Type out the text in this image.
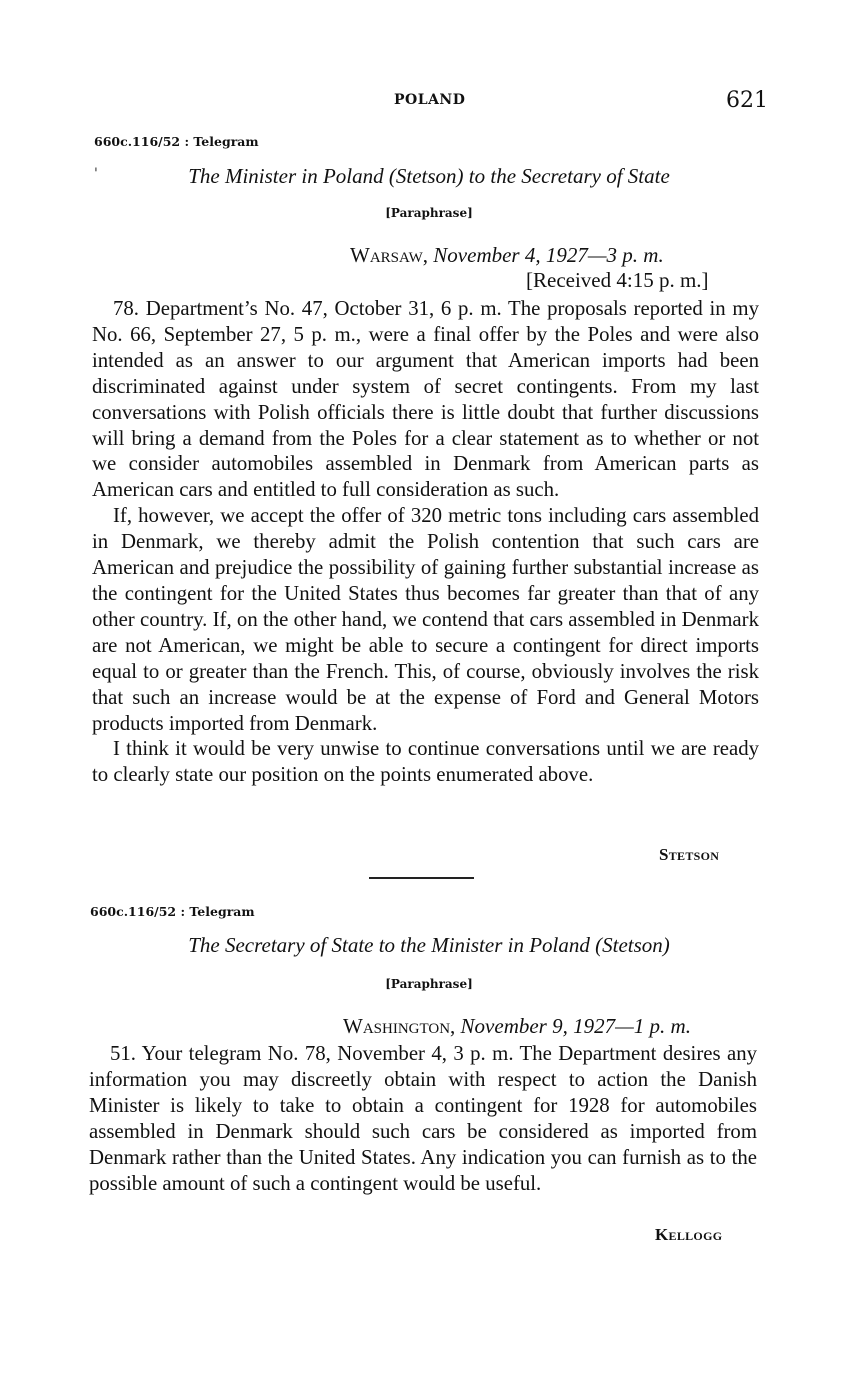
POLAND	621
660c.116/52 : Telegram
'	The Minister in Poland (Stetson) to the Secretary of State
[Paraphrase]
Warsaw, November 4, 1927—3 p. m.
[Received 4:15 p. m.]

78. Department’s No. 47, October 31, 6 p. m. The proposals reported in my No. 66, September 27, 5 p. m., were a final offer by the Poles and were also intended as an answer to our argument that American imports had been discriminated against under system of secret contingents. From my last conversations with Polish officials there is little doubt that further discussions will bring a demand from the Poles for a clear statement as to whether or not we consider automobiles assembled in Denmark from American parts as American cars and entitled to full consideration as such.

If, however, we accept the offer of 320 metric tons including cars assembled in Denmark, we thereby admit the Polish contention that such cars are American and prejudice the possibility of gaining further substantial increase as the contingent for the United States thus becomes far greater than that of any other country. If, on the other hand, we contend that cars assembled in Denmark are not American, we might be able to secure a contingent for direct imports equal to or greater than the French. This, of course, obviously involves the risk that such an increase would be at the expense of Ford and General Motors products imported from Denmark.

I think it would be very unwise to continue conversations until we are ready to clearly state our position on the points enumerated above.

Stetson
660c.116/52 : Telegram
The Secretary of State to the Minister in Poland (Stetson)
[Paraphrase]
Washington, November 9, 1927—1 p. m.

51. Your telegram No. 78, November 4, 3 p. m. The Department desires any information you may discreetly obtain with respect to action the Danish Minister is likely to take to obtain a contingent for 1928 for automobiles assembled in Denmark should such cars be considered as imported from Denmark rather than the United States. Any indication you can furnish as to the possible amount of such a contingent would be useful.

Kellogg
